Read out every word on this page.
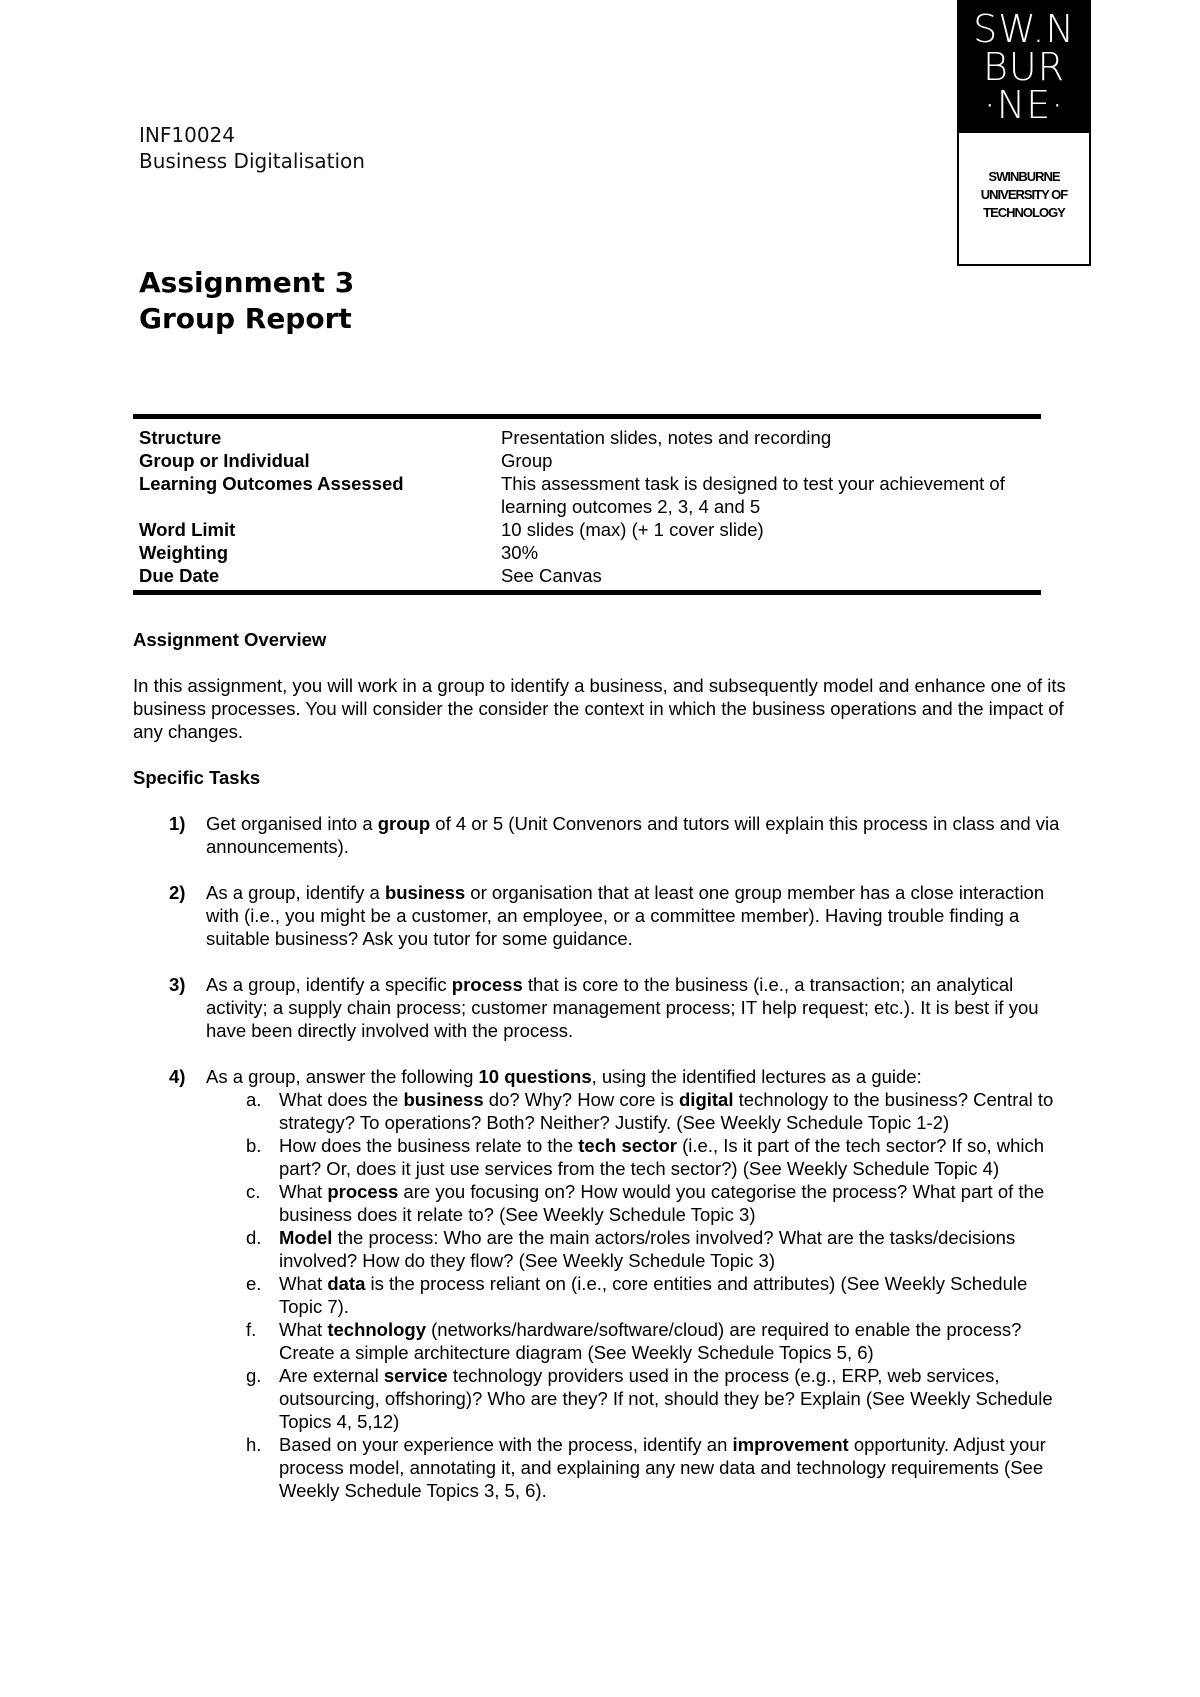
SW.N
BUR
·NE·
SWINBURNE
UNIVERSITY OF
TECHNOLOGY
INF10024
Business Digitalisation
Assignment 3
Group Report
Structure	Presentation slides, notes and recording
Group or Individual	Group
Learning Outcomes Assessed	This assessment task is designed to test your achievement of learning outcomes 2, 3, 4 and 5
Word Limit	10 slides (max) (+ 1 cover slide)
Weighting	30%
Due Date	See Canvas

Assignment Overview

In this assignment, you will work in a group to identify a business, and subsequently model and enhance one of its business processes. You will consider the consider the context in which the business operations and the impact of any changes.

Specific Tasks

1) Get organised into a group of 4 or 5 (Unit Convenors and tutors will explain this process in class and via announcements).
2) As a group, identify a business or organisation that at least one group member has a close interaction with (i.e., you might be a customer, an employee, or a committee member). Having trouble finding a suitable business? Ask you tutor for some guidance.
3) As a group, identify a specific process that is core to the business (i.e., a transaction; an analytical activity; a supply chain process; customer management process; IT help request; etc.). It is best if you have been directly involved with the process.
4) As a group, answer the following 10 questions, using the identified lectures as a guide:
a. What does the business do? Why? How core is digital technology to the business? Central to strategy? To operations? Both? Neither? Justify. (See Weekly Schedule Topic 1-2)
b. How does the business relate to the tech sector (i.e., Is it part of the tech sector? If so, which part? Or, does it just use services from the tech sector?) (See Weekly Schedule Topic 4)
c. What process are you focusing on? How would you categorise the process? What part of the business does it relate to? (See Weekly Schedule Topic 3)
d. Model the process: Who are the main actors/roles involved? What are the tasks/decisions involved? How do they flow? (See Weekly Schedule Topic 3)
e. What data is the process reliant on (i.e., core entities and attributes) (See Weekly Schedule Topic 7).
f. What technology (networks/hardware/software/cloud) are required to enable the process? Create a simple architecture diagram (See Weekly Schedule Topics 5, 6)
g. Are external service technology providers used in the process (e.g., ERP, web services, outsourcing, offshoring)? Who are they? If not, should they be? Explain (See Weekly Schedule Topics 4, 5,12)
h. Based on your experience with the process, identify an improvement opportunity. Adjust your process model, annotating it, and explaining any new data and technology requirements (See Weekly Schedule Topics 3, 5, 6).
